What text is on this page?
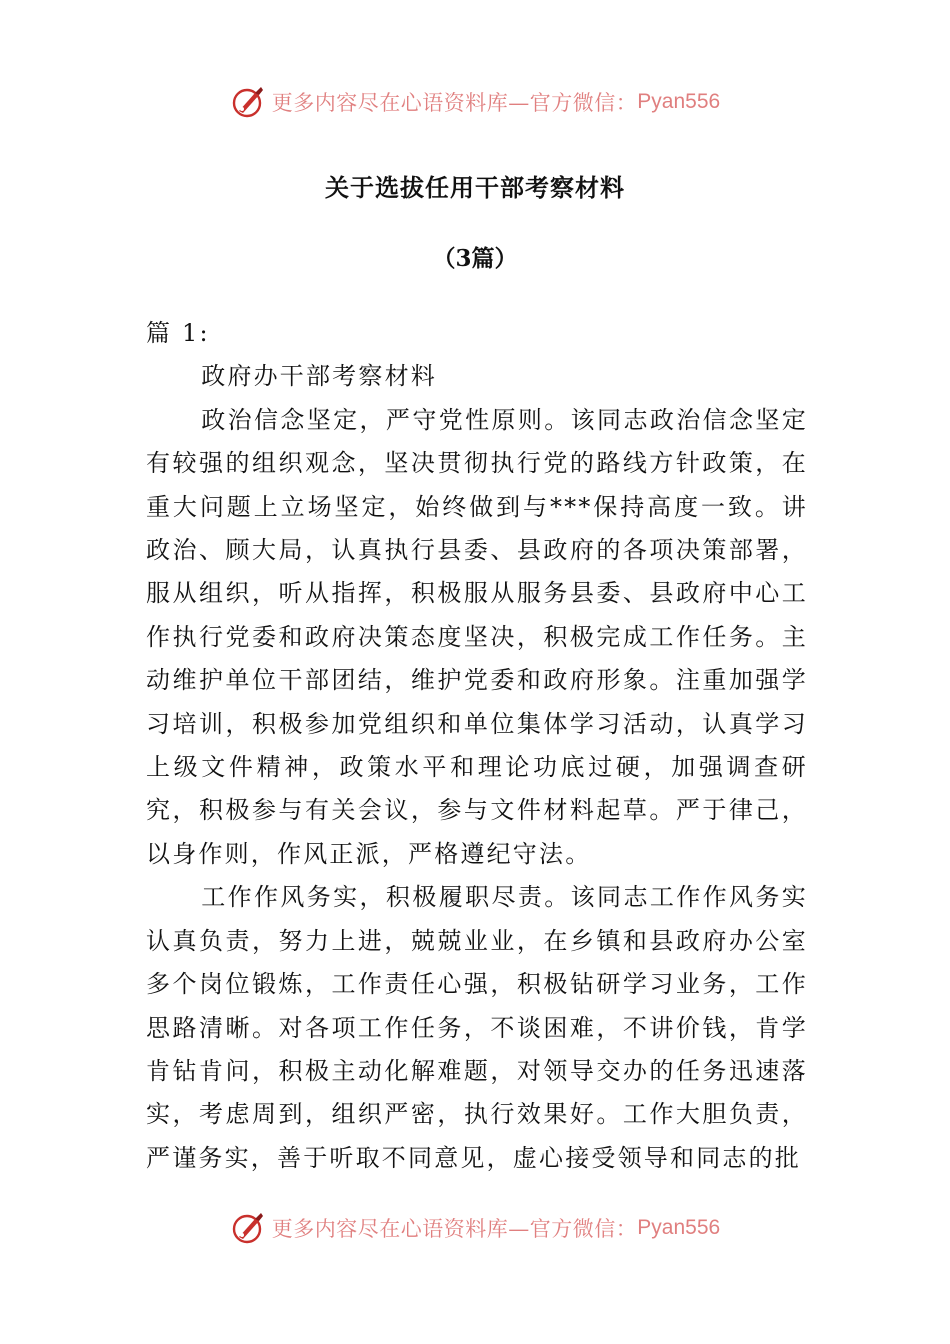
更多内容尽在心语资料库—官方微信： Pyan556
关于选拔任用干部考察材料
（3篇）

篇 1:

政府办干部考察材料

政治信念坚定，严守党性原则。该同志政治信念坚定有较强的组织观念，坚决贯彻执行党的路线方针政策，在重大问题上立场坚定，始终做到与***保持高度一致。讲政治、顾大局，认真执行县委、县政府的各项决策部署，服从组织，听从指挥，积极服从服务县委、县政府中心工作执行党委和政府决策态度坚决，积极完成工作任务。主动维护单位干部团结，维护党委和政府形象。注重加强学习培训，积极参加党组织和单位集体学习活动，认真学习上级文件精神，政策水平和理论功底过硬，加强调查研究，积极参与有关会议，参与文件材料起草。严于律己，以身作则，作风正派，严格遵纪守法。

工作作风务实，积极履职尽责。该同志工作作风务实认真负责，努力上进，兢兢业业，在乡镇和县政府办公室多个岗位锻炼，工作责任心强，积极钻研学习业务，工作思路清晰。对各项工作任务，不谈困难，不讲价钱，肯学肯钻肯问，积极主动化解难题，对领导交办的任务迅速落实，考虑周到，组织严密，执行效果好。工作大胆负责，严谨务实，善于听取不同意见，虚心接受领导和同志的批

更多内容尽在心语资料库—官方微信： Pyan556
